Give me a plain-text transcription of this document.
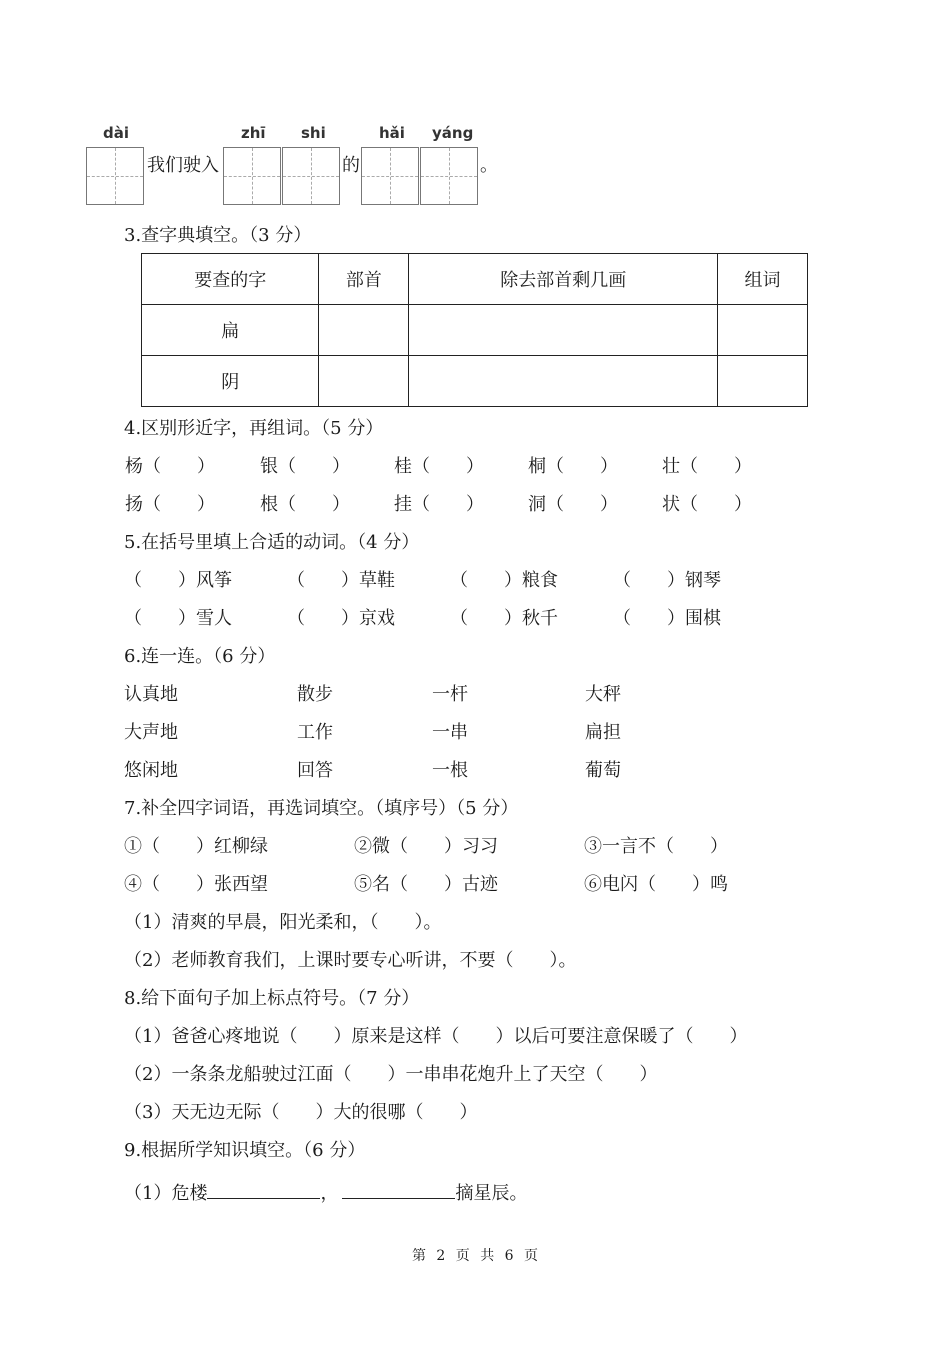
dài	zhī shi	hǎi yáng
我们驶入	的	。
3.查字典填空。（3 分）
要查的字	部首	除去部首剩几画	组词
扁			
阴			
4.区别形近字，再组词。（5 分）
杨（　　）	银（　　） 桂（　　） 桐（　　） 壮（　　）
扬（　　）	根（　　） 挂（　　） 洞（　　） 状（　　）
5.在括号里填上合适的动词。（4 分）
（　　）风筝	（　　）草鞋	（　　）粮食	（　　）钢琴
（　　）雪人	（　　）京戏	（　　）秋千	（　　）围棋
6.连一连。（6 分）
认真地	散步	一杆	大秤
大声地	工作	一串	扁担
悠闲地	回答	一根	葡萄
7.补全四字词语，再选词填空。（填序号）（5 分）
①（　　）红柳绿	②微（　　）习习	③一言不（　　）
④（　　）张西望	⑤名（　　）古迹	⑥电闪（　　）鸣
（1）清爽的早晨，阳光柔和，（　　）。
（2）老师教育我们，上课时要专心听讲，不要（　　）。
8.给下面句子加上标点符号。（7 分）
（1）爸爸心疼地说（　　）原来是这样（　　）以后可要注意保暖了（　　）
（2）一条条龙船驶过江面（　　）一串串花炮升上了天空（　　）
（3）天无边无际（　　）大的很哪（　　）
9.根据所学知识填空。（6 分）
（1）危楼	，	摘星辰。
第 2 页 共 6 页
